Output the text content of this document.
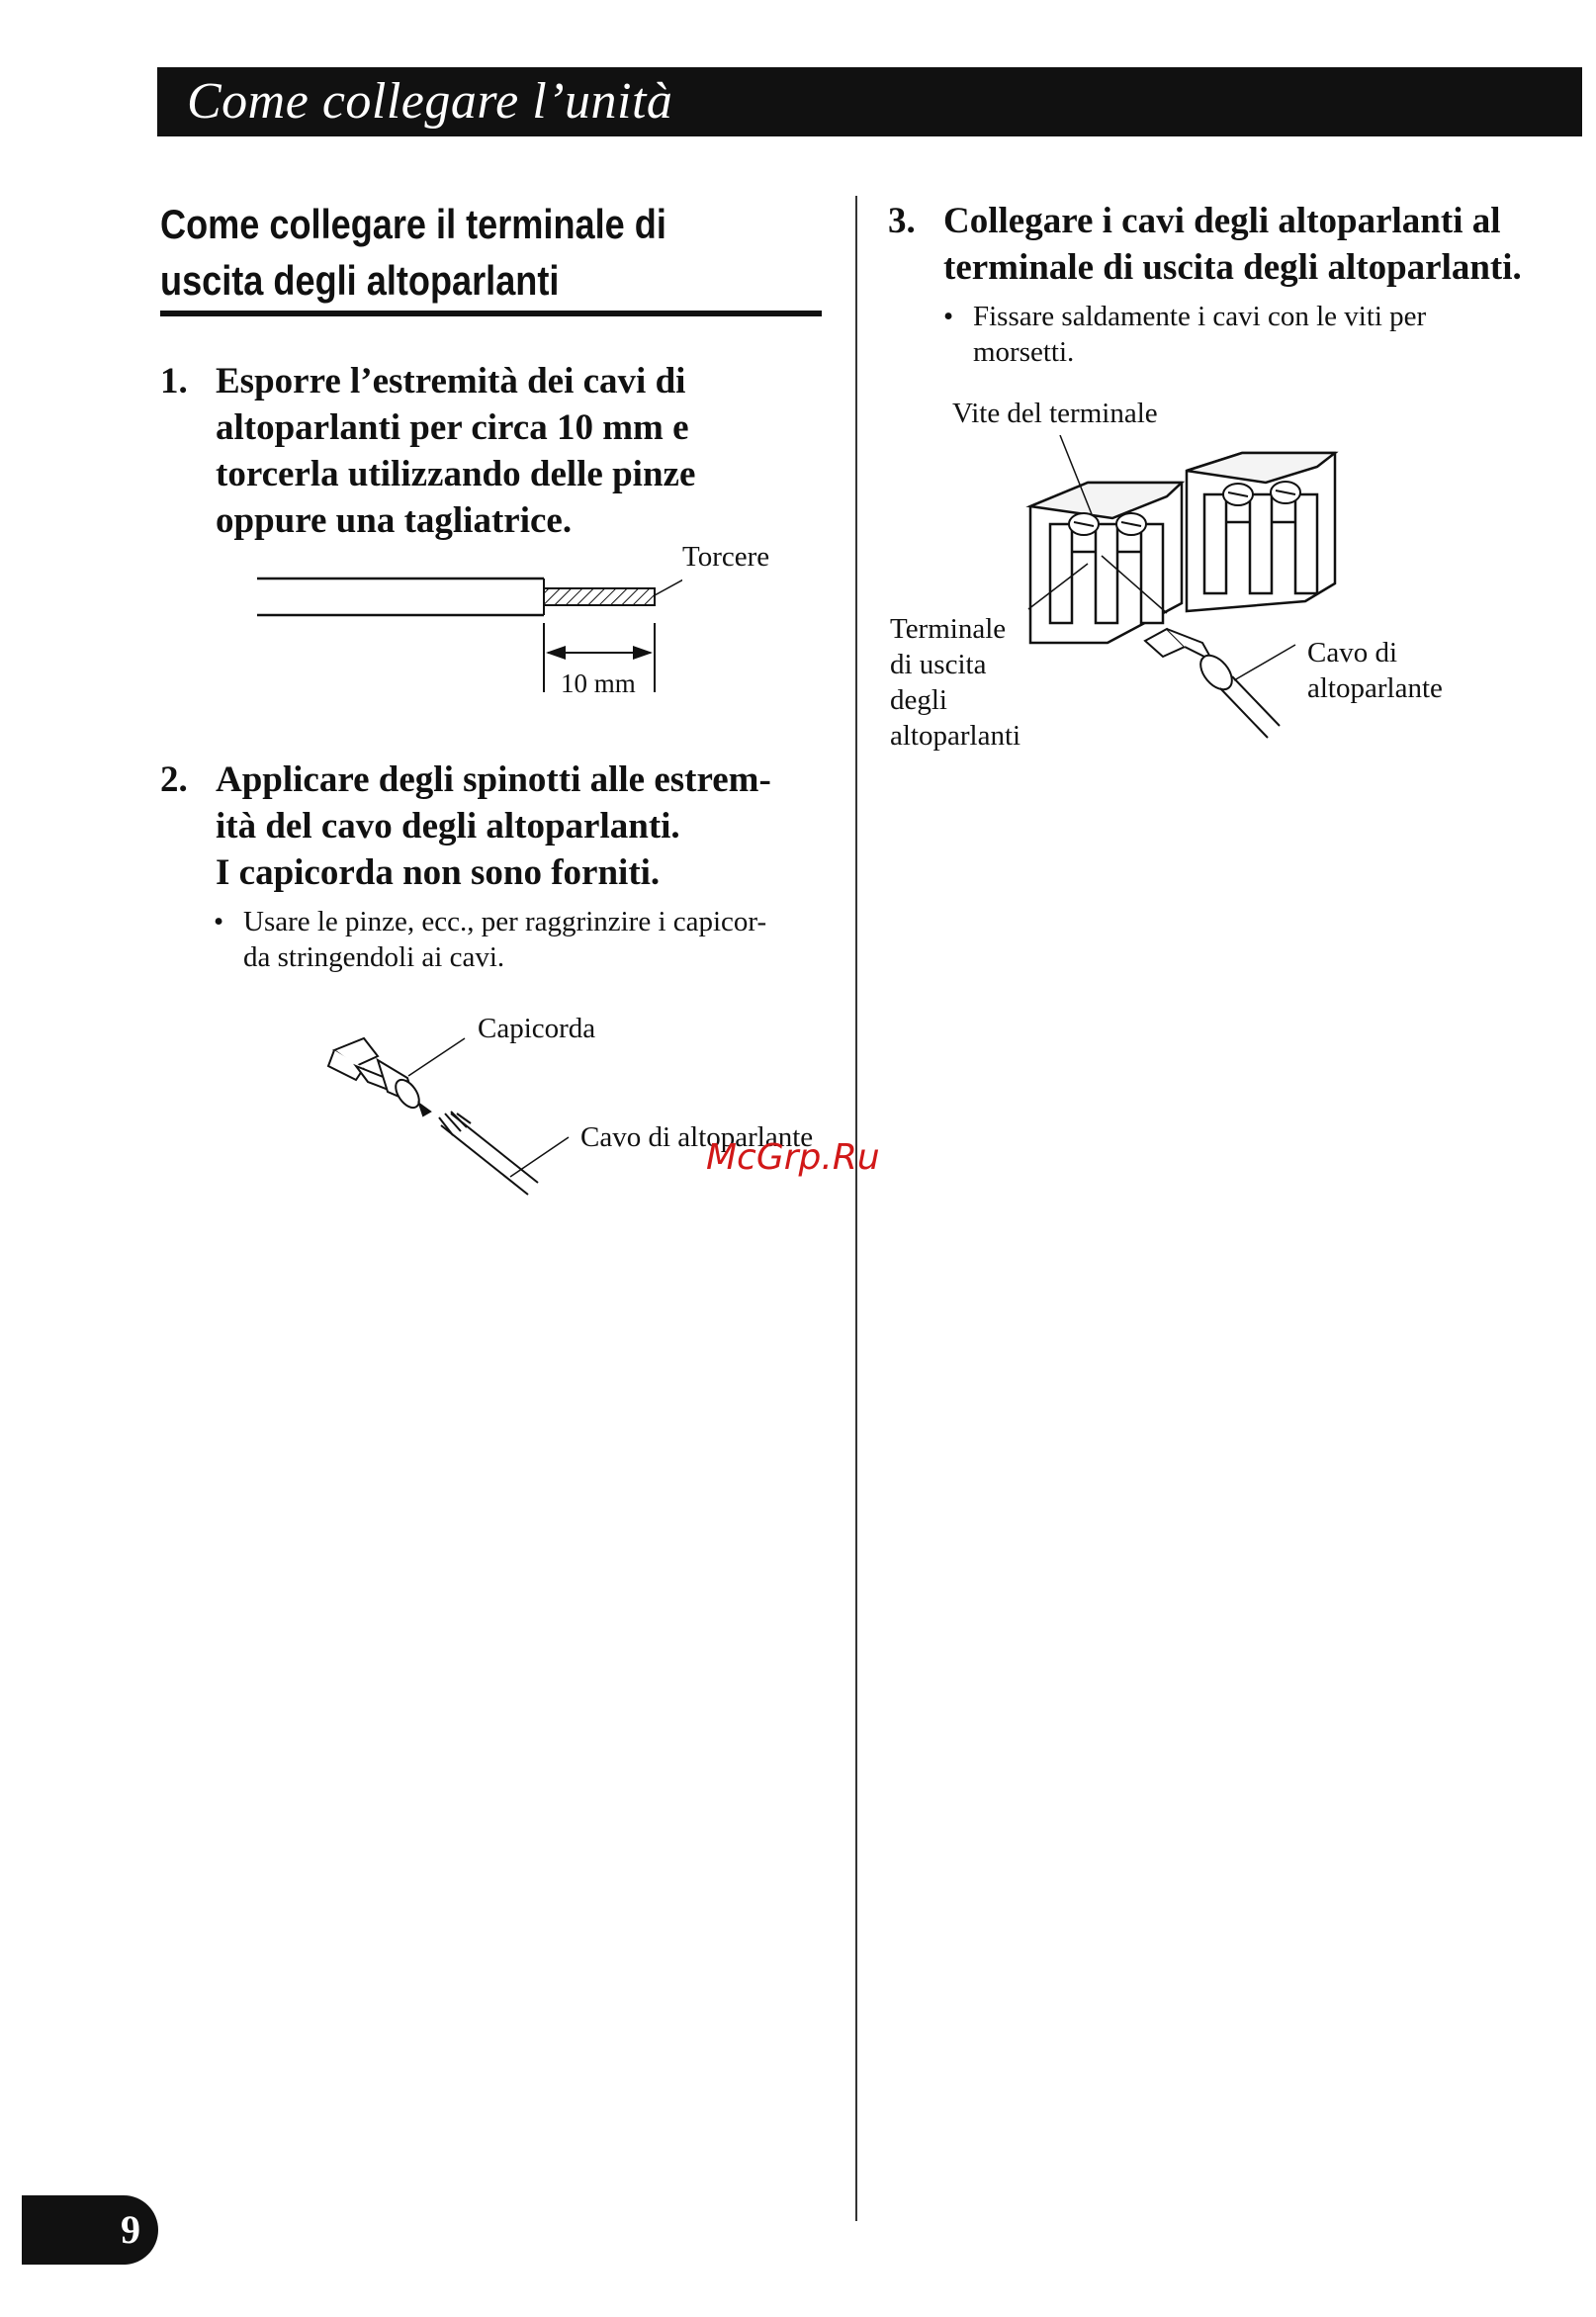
Come collegare l’unità
Come collegare il terminale di
uscita degli altoparlanti
1. Esporre l’estremità dei cavi di
altoparlanti per circa 10 mm e
torcerla utilizzando delle pinze
oppure una tagliatrice.
Torcere
10 mm
2. Applicare degli spinotti alle estrem-
ità del cavo degli altoparlanti.
I capicorda non sono forniti.
• Usare le pinze, ecc., per raggrinzire i capicor-
da stringendoli ai cavi.
Capicorda
Cavo di altoparlante
3. Collegare i cavi degli altoparlanti al
terminale di uscita degli altoparlanti.
• Fissare saldamente i cavi con le viti per
morsetti.
Vite del terminale
Terminale
di uscita
degli
altoparlanti
Cavo di
altoparlante
McGrp.Ru
9
